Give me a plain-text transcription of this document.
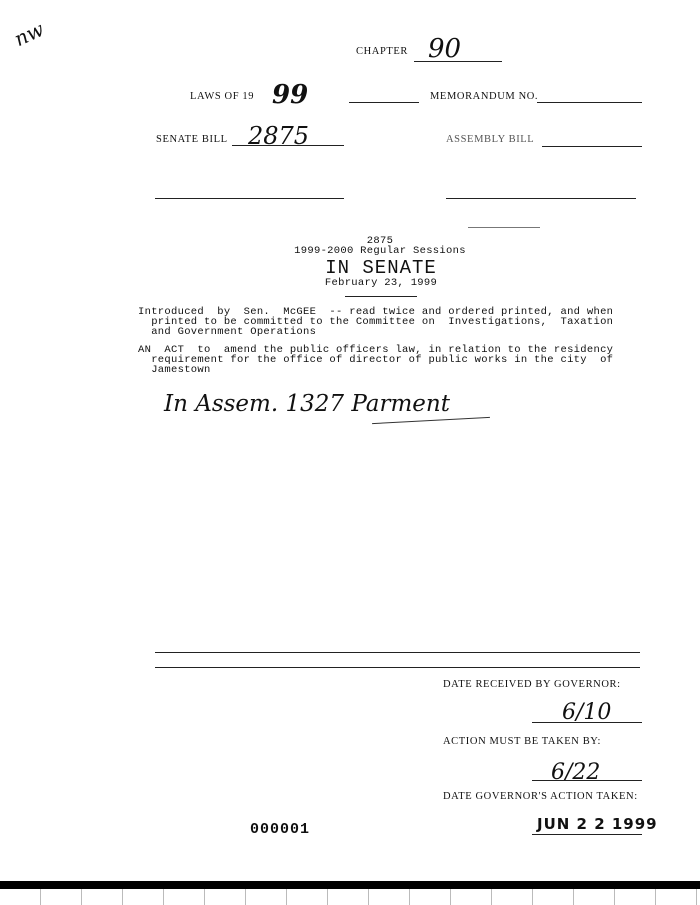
nw
CHAPTER 90
LAWS OF 19 99	MEMORANDUM NO.
SENATE BILL 2875	ASSEMBLY BILL
2875
1999-2000 Regular Sessions
IN SENATE
February 23, 1999
Introduced  by  Sen.  McGEE  -- read twice and ordered printed, and when
printed to be committed to the Committee on  Investigations,  Taxation
and Government Operations
AN  ACT  to  amend the public officers law, in relation to the residency
requirement for the office of director of public works in the city  of
Jamestown
In Assem. 1327 Parment
DATE RECEIVED BY GOVERNOR:
6/10
ACTION MUST BE TAKEN BY:
6/22
DATE GOVERNOR'S ACTION TAKEN:
JUN 2 2 1999
000001
